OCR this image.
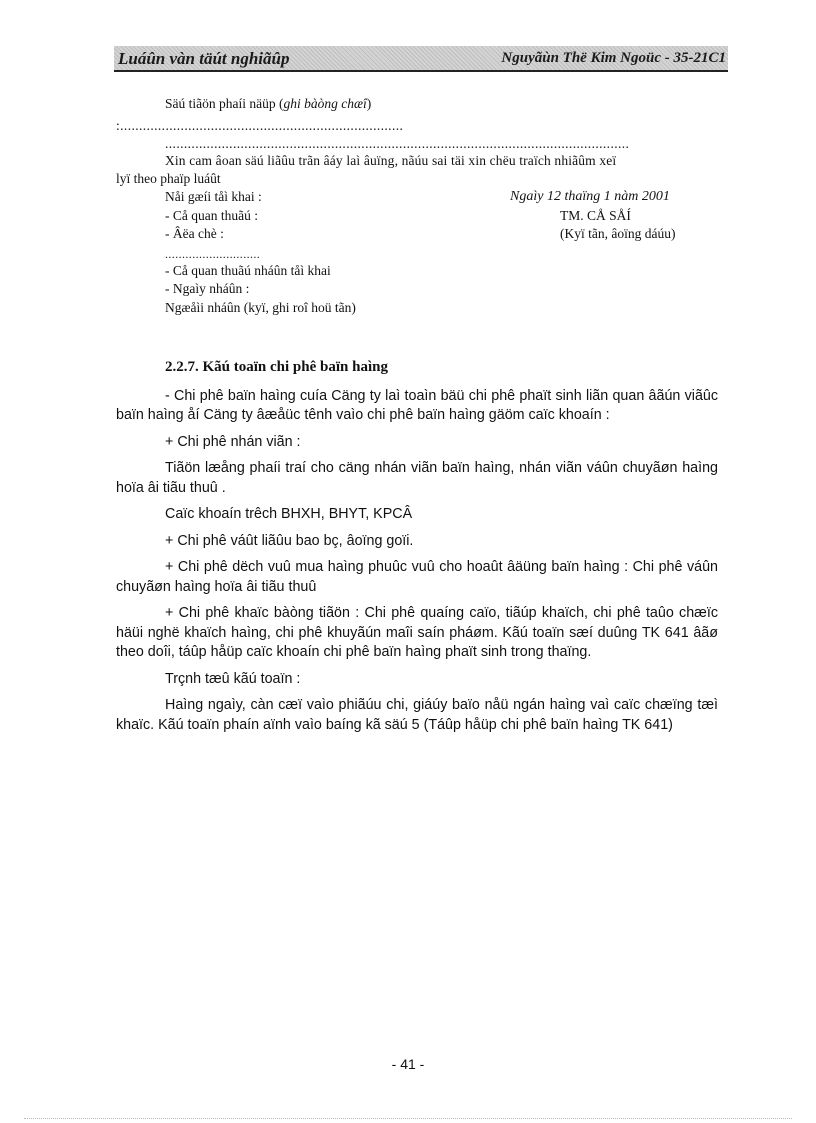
Luáûn vàn täút nghiãûp	Nguyãùn Thë Kim Ngoüc - 35-21C1
Säú tiãön phaíi näüp (ghi bàòng chæî)
:...........................................................................
...........................................................................................................................
Xin cam âoan säú liãûu trãn âáy laì âuïng, nãúu sai täi xin chëu traïch nhiãûm xeï
lyï theo phaïp luáût
Nåi gæíi tåì khai :	Ngaìy 12 thaïng 1 nàm 2001
- Cå quan thuãú :	TM. CÅ SÅÍ
- Âëa chè :	(Kyï tãn, âoïng dáúu)
............................
- Cå quan thuãú nháûn tåì khai
- Ngaìy nháûn :
Ngæåìi nháûn (kyï, ghi roî hoü tãn)
2.2.7. Kãú toaïn chi phê baïn haìng

- Chi phê baïn haìng cuía Cäng ty laì toaìn bäü chi phê phaït sinh liãn quan âãún viãûc baïn haìng åí Cäng ty âæåüc tênh vaìo chi phê baïn haìng gäöm caïc khoaín :

+ Chi phê nhán viãn :

Tiãön læång phaíi traí cho cäng nhán viãn baïn haìng, nhán viãn váûn chuyãøn haìng hoïa âi tiãu thuû .

Caïc khoaín trêch BHXH, BHYT, KPCÂ

+ Chi phê váût liãûu bao bç, âoïng goïi.

+ Chi phê dëch vuû mua haìng phuûc vuû cho hoaût âäüng baïn haìng : Chi phê váûn chuyãøn haìng hoïa âi tiãu thuû

+ Chi phê khaïc bàòng tiãön : Chi phê quaíng caïo, tiãúp khaïch, chi phê taûo chæïc häüi nghë khaïch haìng, chi phê khuyãún maîi saín pháøm. Kãú toaïn sæí duûng TK 641 âãø theo doîi, táûp håüp caïc khoaín chi phê baïn haìng phaït sinh trong thaïng.

Trçnh tæû kãú toaïn :

Haìng ngaìy, càn cæï vaìo phiãúu chi, giáúy baïo nåü ngán haìng vaì caïc chæïng tæì khaïc. Kãú toaïn phaín aïnh vaìo baíng kã säú 5 (Táûp håüp chi phê baïn haìng TK 641)

- 41 -
